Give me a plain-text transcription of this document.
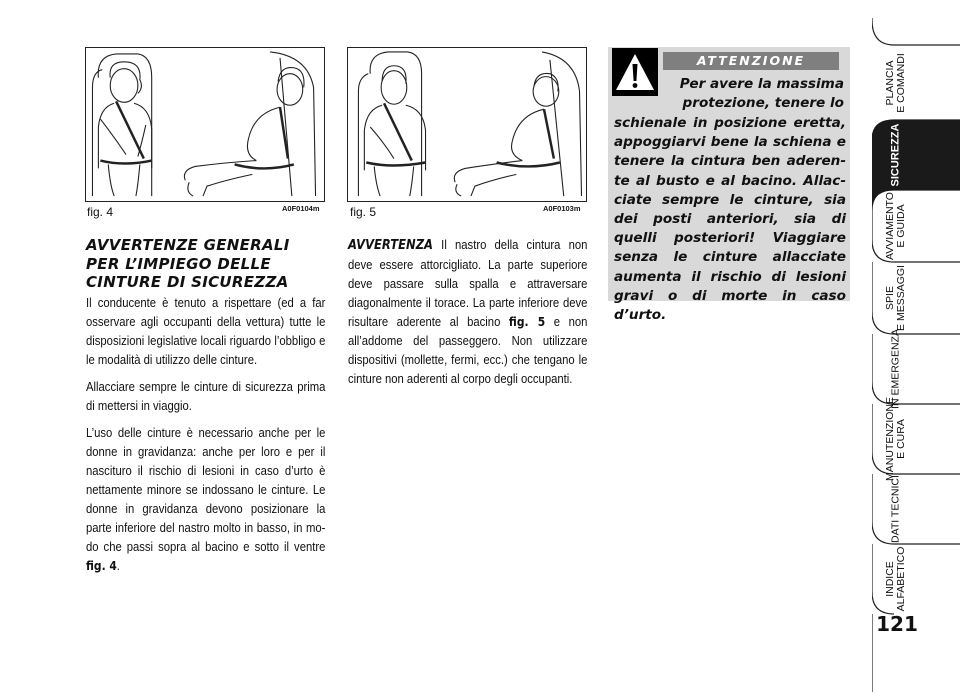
fig. 4	A0F0104m	fig. 5	A0F0103m
AVVERTENZE GENERALI
PER L’IMPIEGO DELLE
CINTURE DI SICUREZZA

Il conducente è tenuto a rispettare (ed a far osservare agli occupanti della vettura) tutte le disposizioni legislative locali riguardo l’obbligo e le modalità di utilizzo delle cinture.

Allacciare sempre le cinture di sicurezza prima di mettersi in viaggio.

L’uso delle cinture è necessario anche per le donne in gravidanza: anche per loro e per il nascituro il rischio di lesioni in caso d’urto è nettamente minore se indossano le cinture. Le donne in gravidanza devono posizionare la parte inferiore del nastro molto in basso, in modo che passi sopra al bacino e sotto il ventre fig. 4.

AVVERTENZA Il nastro della cintura non deve essere attorcigliato. La parte superiore deve passare sulla spalla e attraversare diagonalmente il torace. La parte inferiore deve risultare aderente al bacino fig. 5 e non all’addome del passeggero. Non utilizzare dispositivi (mollette, fermi, ecc.) che tengano le cinture non aderenti al corpo degli occupanti.

ATTENZIONE
Per avere la massima protezione, tenere lo
schienale in posizione eretta, appoggiarvi bene la schiena e tenere la cintura ben aderente al busto e al bacino. Allacciate sempre le cinture, sia dei posti anteriori, sia di quelli posteriori! Viaggiare senza le cinture allacciate aumenta il rischio di lesioni gravi o di morte in caso d’urto.
PLANCIA E COMANDI
SICUREZZA
AVVIAMENTO E GUIDA
SPIE E MESSAGGI
IN EMERGENZA
MANUTENZIONE E CURA
DATI TECNICI
INDICE ALFABETICO
121
